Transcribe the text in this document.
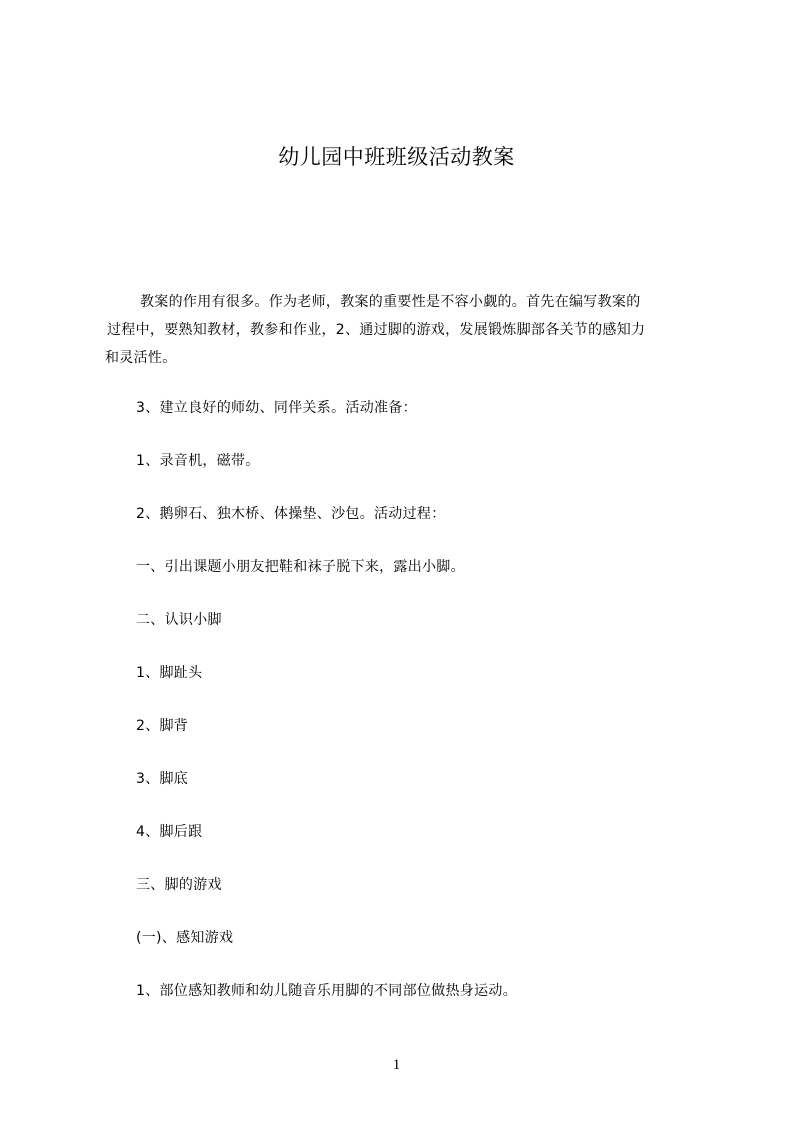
幼儿园中班班级活动教案
教案的作用有很多。作为老师，教案的重要性是不容小觑的。首先在编写教案的
过程中，要熟知教材，教参和作业，2、通过脚的游戏，发展锻炼脚部各关节的感知力
和灵活性。
3、建立良好的师幼、同伴关系。活动准备：
1、录音机，磁带。
2、鹅卵石、独木桥、体操垫、沙包。活动过程：
一、引出课题小朋友把鞋和袜子脱下来，露出小脚。
二、认识小脚
1、脚趾头
2、脚背
3、脚底
4、脚后跟
三、脚的游戏
(一)、感知游戏
1、部位感知教师和幼儿随音乐用脚的不同部位做热身运动。
1
